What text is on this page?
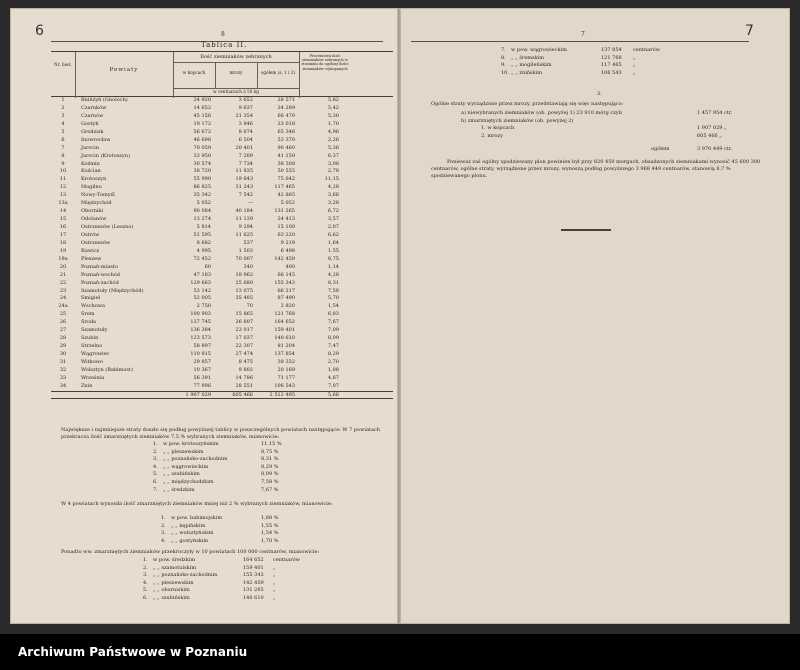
6	8
Tablica II.
Nr. bież.
Powiaty
Ilość ziemniaków zebranych
w kopcach	mrozy	ogółem (s. 1 i 2)
Procentowa ilość ziemniaków zebranych w stosunku do ogólnej ilości ziemniaków wykopanych
w centnarach à 50 kg
1	Bnińżyń (Gnoloch)	24 920	3 652	28 571	5,82
2	Czarnków	14 652	9 637	24 289	5,42
3	Czarnów	45 156	21 354	66 470	5,30
4	Gostyń	19 172	3 846	23 018	1,70
5	Grodzisk	56 672	8 674	65 346	4,96
6	Inowrocław	46 698	6 504	53 370	2,26
7	Jarocin	70 059	20 401	90 460	5,36
8	Jarocin (Krotoszyn)	33 950	7 209	41 159	6,37
9	Koźmin	30 574	7 734	38 308	3,08
10	Kościan	38 720	11 835	50 555	2,78
11	Krotoszyn	55 990	19 643	75 642	11,15
12	Mogilno	86 825	31 243	117 465	4,28
13	Nowy-Tomyśl	35 342	7 542	42 885	3,66
13a	Międzychód	5 052	—	5 052	3,28
14	Oborniki	90 084	40 184	131 265	6,72
15	Odolanów	13 274	11 139	24 413	3,57
16	Ostrzeszów (Leszno)	5 814	9 294	15 108	2,07
17	Ostrów	51 595	11 625	63 220	6,62
18	Ostrzeszów	8 682	537	9 219	1,64
19	Rawicz	4 995	1 503	6 498	1,55
19a	Pleszew	72 452	70 007	142 459	8,75
20	Poznań-miasto	60	340	400	1,14
21	Poznań-wschód	47 183	18 962	66 145	4,28
22	Poznań-zachód	129 663	25 680	155 343	8,31
23	Szamotuły (Międzychód)	53 142	13 075	66 217	7,58
24	Śmigiel	52 005	35 485	87 490	5,70
24a	Wschowa	2 750	70	2 820	1,54
25	Śrem	100 903	15 865	121 768	6,83
26	Środa	137 745	26 807	164 652	7,67
27	Szamotuły	136 384	23 017	159 401	7,09
28	Szubin	123 573	17 037	140 610	8,09
29	Strzelno	58 897	22 307	81 204	7,47
30	Wągrowiec	110 915	27 474	137 854	8,29
31	Witkowo	29 857	8 475	38 332	2,70
32	Wolsztyn (Babimost)	10 367	9 802	20 169	1,88
33	Września	56 391	14 786	71 177	4,67
34	Żnin	77 996	28 551	106 543	7,07
1 907 029	605 466	2 512 495	5,66
Największe i najmniejsze straty doszło się podług powyższej tablicy w poszczególnych powiatach następujące: W 7 powiatach przekracza ilość zmarzniętych ziemniaków 7,5 % wybranych ziemniaków, mianowicie:
1. w pow. krotoszyńskim	11,15 %
2. „ „ pleszewskim	8,75 %
3. „ „ poznańsko-zachodnim	8,31 %
4. „ „ wągrowieckim	8,29 %
5. „ „ szubińskim	8,09 %
6. „ „ międzychodzkim	7,58 %
7. „ „ średzkim	7,67 %
W 4 powiatach wynosiła ilość zmarzniętych ziemniaków mniej niż 2 % wybranych ziemniaków, mianowicie:
1. w pow. babimojskim	1,88 %
2. „ „ kępińskim	1,55 %
3. „ „ wolsztyńskim	1,54 %
4. „ „ gostyńskim	1,70 %
Ponadto ww. zmarzniętych ziemniaków przekroczyły w 10 powiatach 100 000 centnarów, mianowicie:
1. w pow. średzkim	164 652 centnarów
2. „ „ szamotulskim	159 401 „
3. „ „ poznańsko-zachodnim	155 343 „
4. „ „ pleszewskim	142 459 „
5. „ „ oborniskim	131 265 „
6. „ „ szubińskim	140 610 „
7
7
7. w pow. wągrowieckim	137 854 centnarów
8. „ „ śremskim	121 768 „
9. „ „ mogileńskim	117 465 „
10. „ „ żnińskim	106 543 „
3.
Ogólne straty wyrządzone przez mrozy, przedstawiają się więc następująco:
a) niewybranych ziemniaków (ob. powyżej 1) 23 910 mórg czyli	1 457 954 ctr.
b) zmarzniętych ziemniaków (ob. powyżej 2)
1. w kopcach	1 907 029 „
2. mrozy	605 466 „
ogółem	3 970 449 ctr.
Ponieważ zaś ogólny spodziewany plon powinien był przy 820 450 morgach, obsadzonych ziemniakami wynosić 45 600 300 centnarów, ogólne straty, wyrządzone przez mrozy, wynoszą podług powyższego 3 968 449 centnarów, stanowią 8,7 % spodziewanego plonu.
Archiwum Państwowe w Poznaniu
